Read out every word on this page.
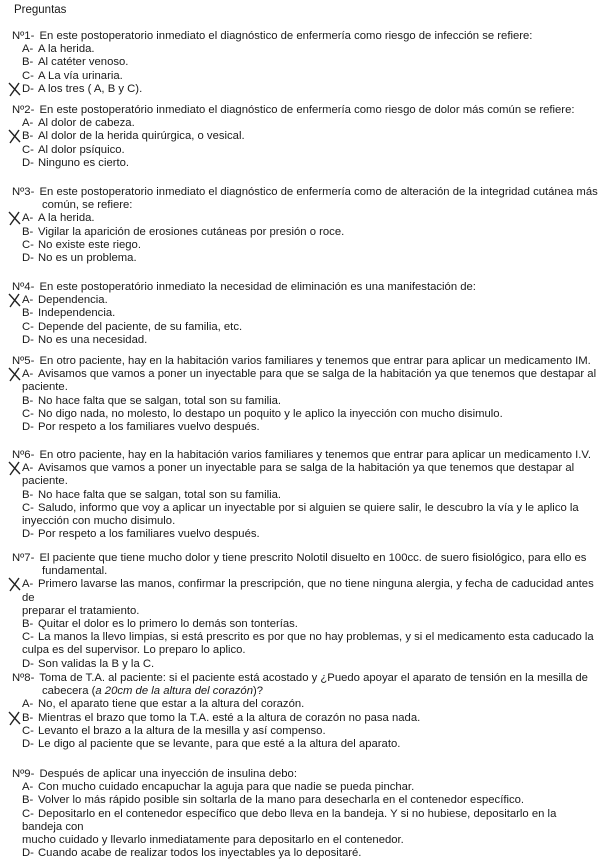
Preguntas
Nº1- En este postoperatorio inmediato el diagnóstico de enfermería como riesgo de infección se refiere:
A- A la herida.
B- Al catéter venoso.
C- A La vía urinaria.
D- A los tres ( A, B y C).
Nº2- En este postoperatório inmediato el diagnóstico de enfermería como riesgo de dolor más común se refiere:
A- Al dolor de cabeza.
B- Al dolor de la herida quirúrgica, o vesical.
C- Al dolor psíquico.
D- Ninguno es cierto.
Nº3- En este postoperatorio inmediato el diagnóstico de enfermería como de alteración de la integridad cutánea más
común, se refiere:
A- A la herida.
B- Vigilar la aparición de erosiones cutáneas por presión o roce.
C- No existe este riego.
D- No es un problema.
Nº4- En este postoperatório inmediato la necesidad de eliminación es una manifestación de:
A- Dependencia.
B- Independencia.
C- Depende del paciente, de su familia, etc.
D- No es una necesidad.
Nº5- En otro paciente, hay en la habitación varios familiares y tenemos que entrar para aplicar un medicamento IM.
A- Avisamos que vamos a poner un inyectable para que se salga de la habitación ya que tenemos que destapar al
paciente.
B- No hace falta que se salgan, total son su familia.
C- No digo nada, no molesto, lo destapo un poquito y le aplico la inyección con mucho disimulo.
D- Por respeto a los familiares vuelvo después.
Nº6- En otro paciente, hay en la habitación varios familiares y tenemos que entrar para aplicar un medicamento I.V.
A- Avisamos que vamos a poner un inyectable para se salga de la habitación ya que tenemos que destapar al
paciente.
B- No hace falta que se salgan, total son su familia.
C- Saludo, informo que voy a aplicar un inyectable por si alguien se quiere salir, le descubro la vía y le aplico la
inyección con mucho disimulo.
D- Por respeto a los familiares vuelvo después.
Nº7- El paciente que tiene mucho dolor y tiene prescrito Nolotil disuelto en 100cc. de suero fisiológico, para ello es
fundamental.
A- Primero lavarse las manos, confirmar la prescripción, que no tiene ninguna alergia, y fecha de caducidad antes de
preparar el tratamiento.
B- Quitar el dolor es lo primero lo demás son tonterías.
C- La manos la llevo limpias, si está prescrito es por que no hay problemas, y si el medicamento esta caducado la
culpa es del supervisor. Lo preparo lo aplico.
D- Son validas la B y la C.
Nº8- Toma de T.A. al paciente: si el paciente está acostado y ¿Puedo apoyar el aparato de tensión en la mesilla de
cabecera (a 20cm de la altura del corazón)?
A- No, el aparato tiene que estar a la altura del corazón.
B- Mientras el brazo que tomo la T.A. esté a la altura de corazón no pasa nada.
C- Levanto el brazo a la altura de la mesilla y así compenso.
D- Le digo al paciente que se levante, para que esté a la altura del aparato.
Nº9- Después de aplicar una inyección de insulina debo:
A- Con mucho cuidado encapuchar la aguja para que nadie se pueda pinchar.
B- Volver lo más rápido posible sin soltarla de la mano para desecharla en el contenedor específico.
C- Depositarlo en el contenedor específico que debo lleva en la bandeja. Y si no hubiese, depositarlo en la bandeja con
mucho cuidado y llevarlo inmediatamente para depositarlo en el contenedor.
D- Cuando acabe de realizar todos los inyectables ya lo depositaré.
